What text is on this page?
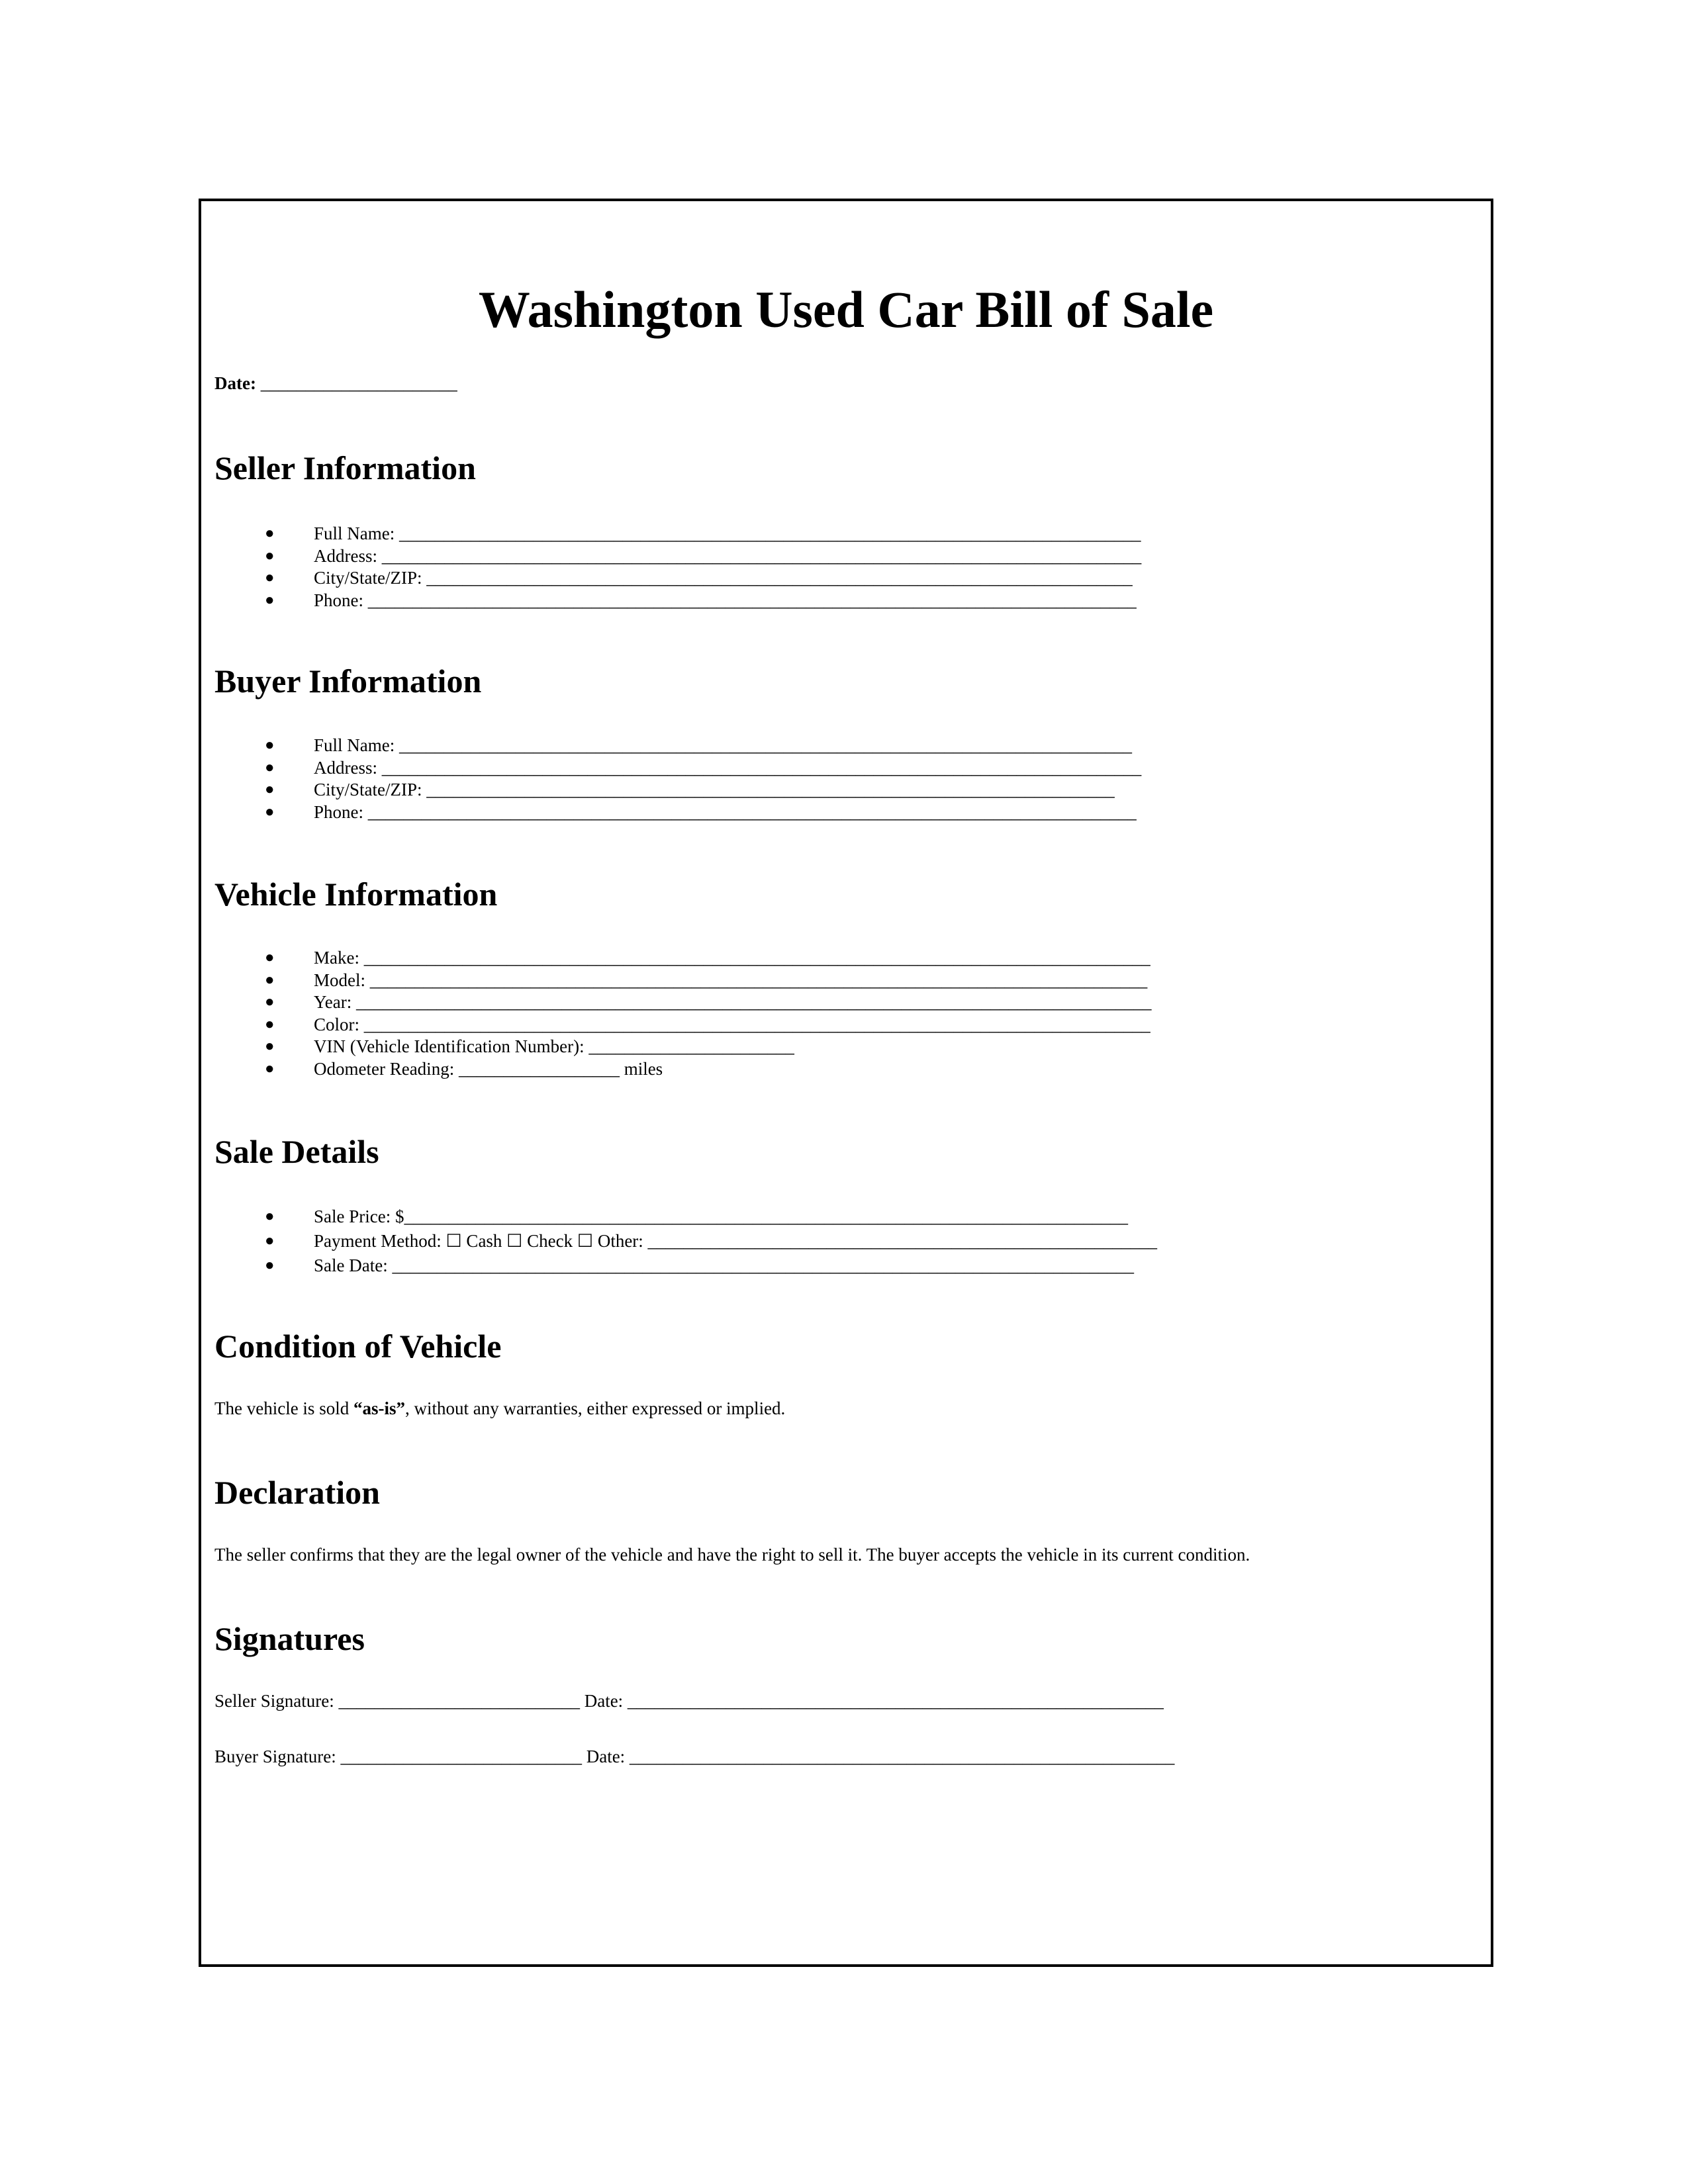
Washington Used Car Bill of Sale
Date: ______________________
Seller Information
● Full Name: ___________________________________________________________________________________
● Address: _____________________________________________________________________________________
● City/State/ZIP: _______________________________________________________________________________
● Phone: ______________________________________________________________________________________
Buyer Information
● Full Name: __________________________________________________________________________________
● Address: _____________________________________________________________________________________
● City/State/ZIP: _____________________________________________________________________________
● Phone: ______________________________________________________________________________________
Vehicle Information
● Make: ________________________________________________________________________________________
● Model: _______________________________________________________________________________________
● Year: _________________________________________________________________________________________
● Color: ________________________________________________________________________________________
● VIN (Vehicle Identification Number): _______________________
● Odometer Reading: __________________ miles
Sale Details
● Sale Price: $_________________________________________________________________________________
● Payment Method: ☐ Cash ☐ Check ☐ Other: _________________________________________________________
● Sale Date: ___________________________________________________________________________________
Condition of Vehicle

The vehicle is sold “as-is”, without any warranties, either expressed or implied.

Declaration

The seller confirms that they are the legal owner of the vehicle and have the right to sell it. The buyer accepts the vehicle in its current condition.

Signatures
Seller Signature: ___________________________ Date: ____________________________________________________________
Buyer Signature: ___________________________ Date: _____________________________________________________________
